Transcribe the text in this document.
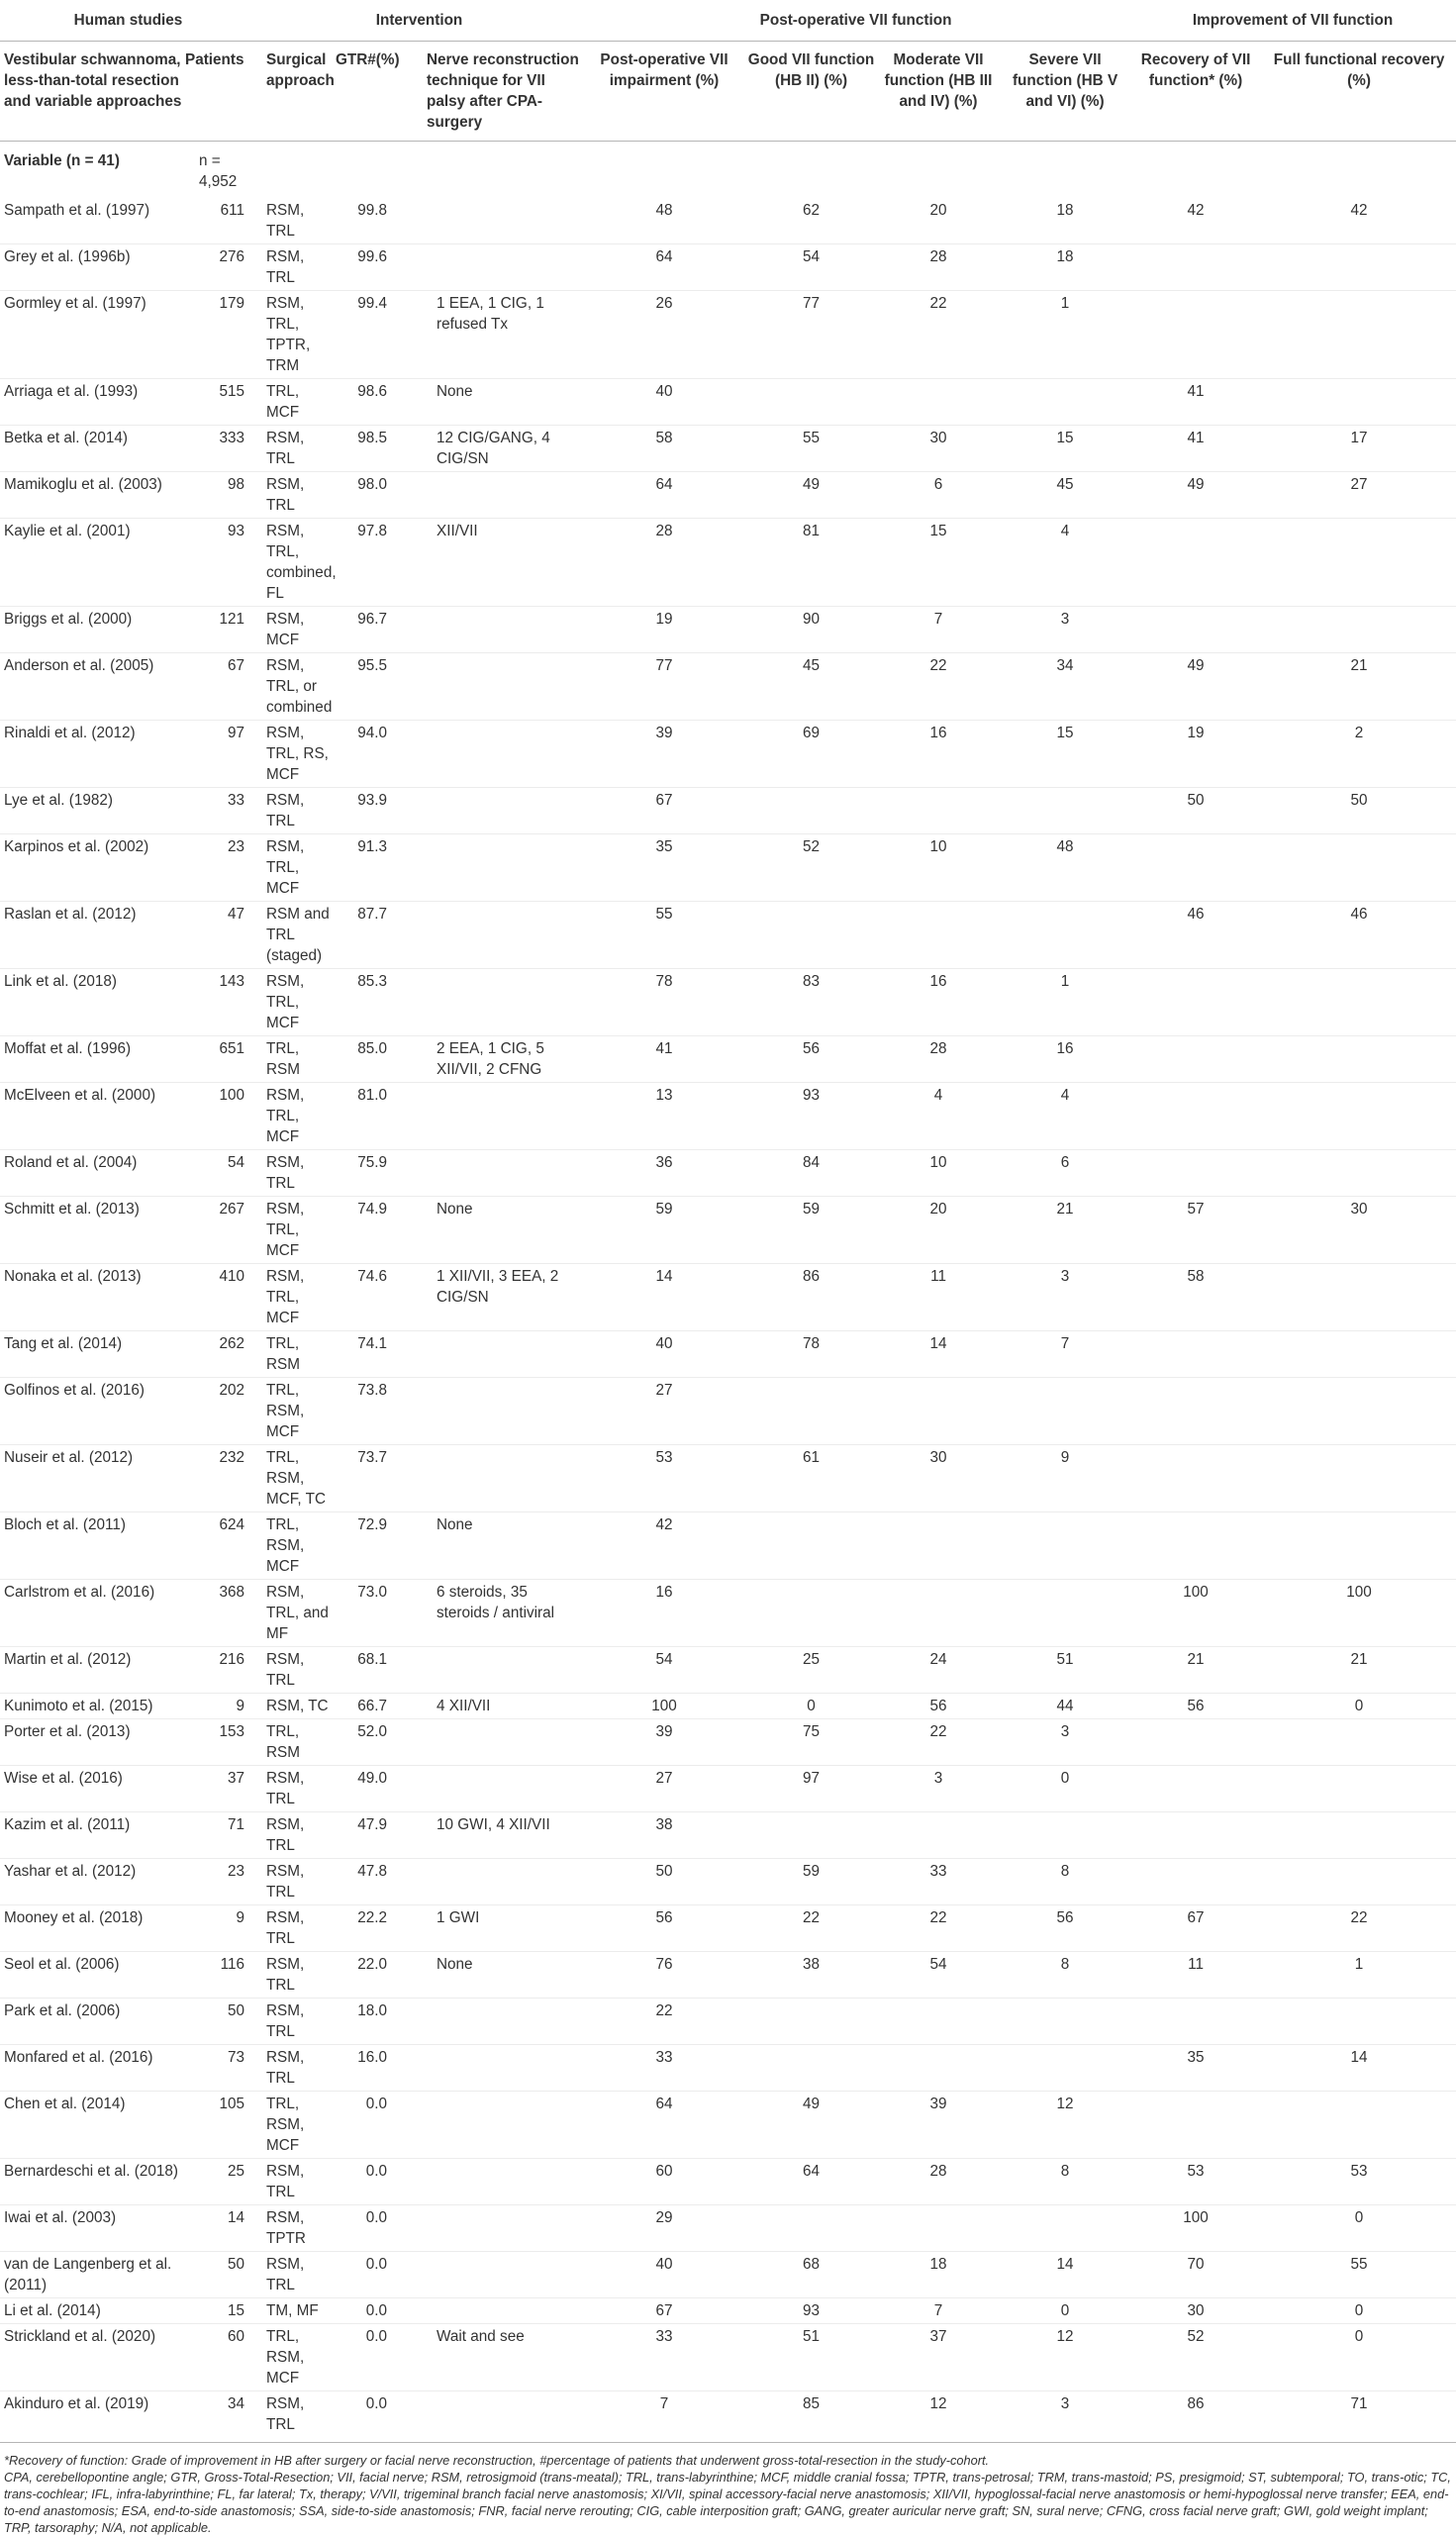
Human studies		Intervention			Post-operative VII function				Improvement of VII function	
Vestibular schwannoma, less-than-total resection and variable approaches	Patients	Surgical approach	GTR#(%)	Nerve reconstruction technique for VII palsy after CPA-surgery	Post-operative VII impairment (%)	Good VII function (HB II) (%)	Moderate VII function (HB III and IV) (%)	Severe VII function (HB V and VI) (%)	Recovery of VII function* (%)	Full functional recovery (%)
Variable (n = 41)	n = 4,952									
Sampath et al. (1997)	611	RSM, TRL	99.8		48	62	20	18	42	42
Grey et al. (1996b)	276	RSM, TRL	99.6		64	54	28	18		
Gormley et al. (1997)	179	RSM, TRL, TPTR, TRM	99.4	1 EEA, 1 CIG, 1 refused Tx	26	77	22	1		
Arriaga et al. (1993)	515	TRL, MCF	98.6	None	40				41	
Betka et al. (2014)	333	RSM, TRL	98.5	12 CIG/GANG, 4 CIG/SN	58	55	30	15	41	17
Mamikoglu et al. (2003)	98	RSM, TRL	98.0		64	49	6	45	49	27
Kaylie et al. (2001)	93	RSM, TRL, combined, FL	97.8	XII/VII	28	81	15	4		
Briggs et al. (2000)	121	RSM, MCF	96.7		19	90	7	3		
Anderson et al. (2005)	67	RSM, TRL, or combined	95.5		77	45	22	34	49	21
Rinaldi et al. (2012)	97	RSM, TRL, RS, MCF	94.0		39	69	16	15	19	2
Lye et al. (1982)	33	RSM, TRL	93.9		67				50	50
Karpinos et al. (2002)	23	RSM, TRL, MCF	91.3		35	52	10	48		
Raslan et al. (2012)	47	RSM and TRL (staged)	87.7		55				46	46
Link et al. (2018)	143	RSM, TRL, MCF	85.3		78	83	16	1		
Moffat et al. (1996)	651	TRL, RSM	85.0	2 EEA, 1 CIG, 5 XII/VII, 2 CFNG	41	56	28	16		
McElveen et al. (2000)	100	RSM, TRL, MCF	81.0		13	93	4	4		
Roland et al. (2004)	54	RSM, TRL	75.9		36	84	10	6		
Schmitt et al. (2013)	267	RSM, TRL, MCF	74.9	None	59	59	20	21	57	30
Nonaka et al. (2013)	410	RSM, TRL, MCF	74.6	1 XII/VII, 3 EEA, 2 CIG/SN	14	86	11	3	58	
Tang et al. (2014)	262	TRL, RSM	74.1		40	78	14	7		
Golfinos et al. (2016)	202	TRL, RSM, MCF	73.8		27					
Nuseir et al. (2012)	232	TRL, RSM, MCF, TC	73.7		53	61	30	9		
Bloch et al. (2011)	624	TRL, RSM, MCF	72.9	None	42					
Carlstrom et al. (2016)	368	RSM, TRL, and MF	73.0	6 steroids, 35 steroids / antiviral	16				100	100
Martin et al. (2012)	216	RSM, TRL	68.1		54	25	24	51	21	21
Kunimoto et al. (2015)	9	RSM, TC	66.7	4 XII/VII	100	0	56	44	56	0
Porter et al. (2013)	153	TRL, RSM	52.0		39	75	22	3		
Wise et al. (2016)	37	RSM, TRL	49.0		27	97	3	0		
Kazim et al. (2011)	71	RSM, TRL	47.9	10 GWI, 4 XII/VII	38					
Yashar et al. (2012)	23	RSM, TRL	47.8		50	59	33	8		
Mooney et al. (2018)	9	RSM, TRL	22.2	1 GWI	56	22	22	56	67	22
Seol et al. (2006)	116	RSM, TRL	22.0	None	76	38	54	8	11	1
Park et al. (2006)	50	RSM, TRL	18.0		22					
Monfared et al. (2016)	73	RSM, TRL	16.0		33				35	14
Chen et al. (2014)	105	TRL, RSM, MCF	0.0		64	49	39	12		
Bernardeschi et al. (2018)	25	RSM, TRL	0.0		60	64	28	8	53	53
Iwai et al. (2003)	14	RSM, TPTR	0.0		29				100	0
van de Langenberg et al. (2011)	50	RSM, TRL	0.0		40	68	18	14	70	55
Li et al. (2014)	15	TM, MF	0.0		67	93	7	0	30	0
Strickland et al. (2020)	60	TRL, RSM, MCF	0.0	Wait and see	33	51	37	12	52	0
Akinduro et al. (2019)	34	RSM, TRL	0.0		7	85	12	3	86	71

*Recovery of function: Grade of improvement in HB after surgery or facial nerve reconstruction, #percentage of patients that underwent gross-total-resection in the study-cohort.

CPA, cerebellopontine angle; GTR, Gross-Total-Resection; VII, facial nerve; RSM, retrosigmoid (trans-meatal); TRL, trans-labyrinthine; MCF, middle cranial fossa; TPTR, trans-petrosal; TRM, trans-mastoid; PS, presigmoid; ST, subtemporal; TO, trans-otic; TC, trans-cochlear; IFL, infra-labyrinthine; FL, far lateral; Tx, therapy; V/VII, trigeminal branch facial nerve anastomosis; XI/VII, spinal accessory-facial nerve anastomosis; XII/VII, hypoglossal-facial nerve anastomosis or hemi-hypoglossal nerve transfer; EEA, end-to-end anastomosis; ESA, end-to-side anastomosis; SSA, side-to-side anastomosis; FNR, facial nerve rerouting; CIG, cable interposition graft; GANG, greater auricular nerve graft; SN, sural nerve; CFNG, cross facial nerve graft; GWI, gold weight implant; TRP, tarsoraphy; N/A, not applicable.
